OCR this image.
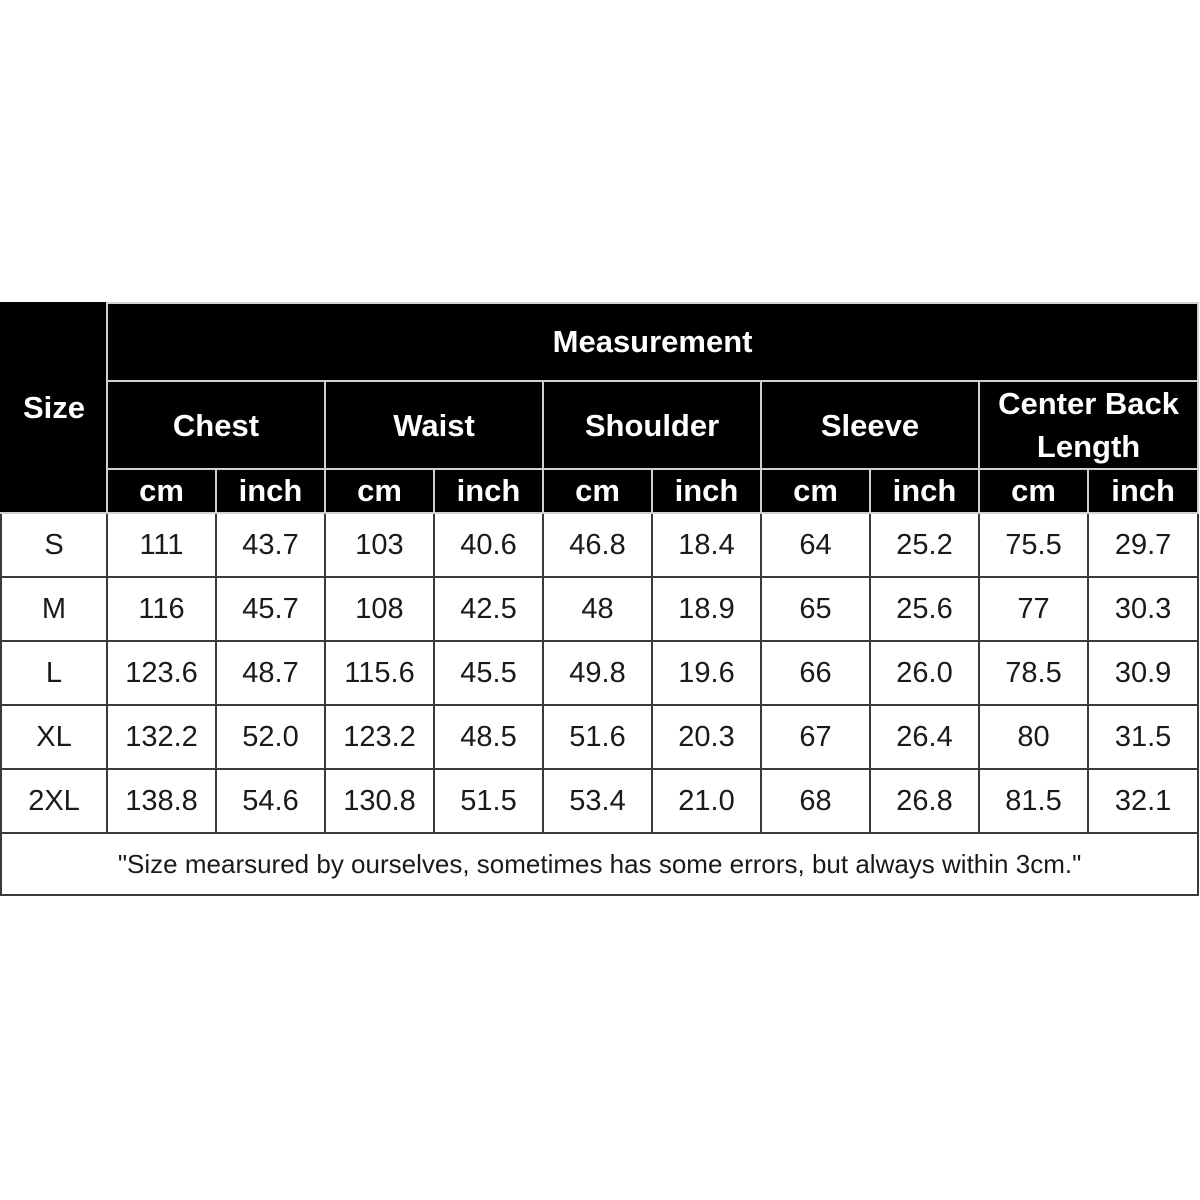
Size	Measurement									
	Chest		Waist		Shoulder		Sleeve		Center Back Length	
	cm	inch	cm	inch	cm	inch	cm	inch	cm	inch
S	111	43.7	103	40.6	46.8	18.4	64	25.2	75.5	29.7
M	116	45.7	108	42.5	48	18.9	65	25.6	77	30.3
L	123.6	48.7	115.6	45.5	49.8	19.6	66	26.0	78.5	30.9
XL	132.2	52.0	123.2	48.5	51.6	20.3	67	26.4	80	31.5
2XL	138.8	54.6	130.8	51.5	53.4	21.0	68	26.8	81.5	32.1
"Size mearsured by ourselves, sometimes has some errors, but always within 3cm."										
